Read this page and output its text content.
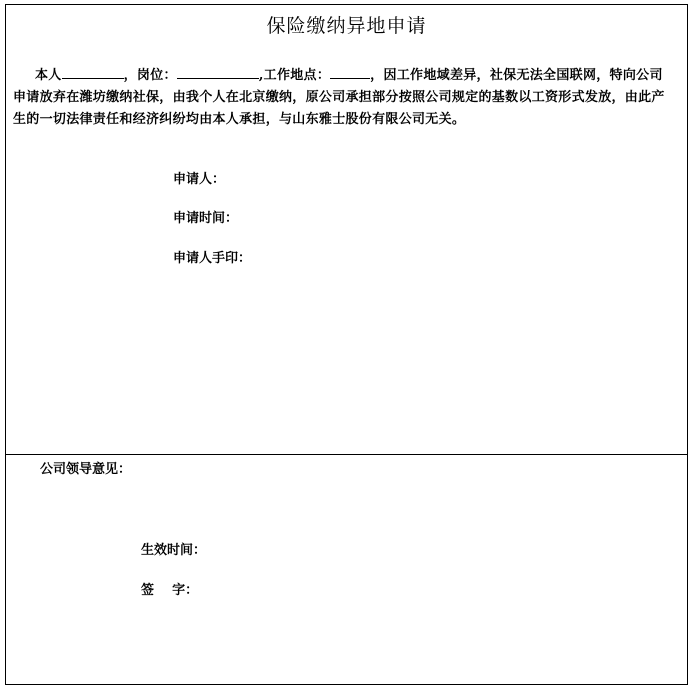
保险缴纳异地申请
本人	，岗位：	,工作地点：	，因工作地域差异，社保无法全国联网，特向公司申请放弃在潍坊缴纳社保，由我个人在北京缴纳，原公司承担部分按照公司规定的基数以工资形式发放，由此产生的一切法律责任和经济纠纷均由本人承担，与山东雅士股份有限公司无关。
申请人：
申请时间：
申请人手印：
公司领导意见：
生效时间：
签    字：
